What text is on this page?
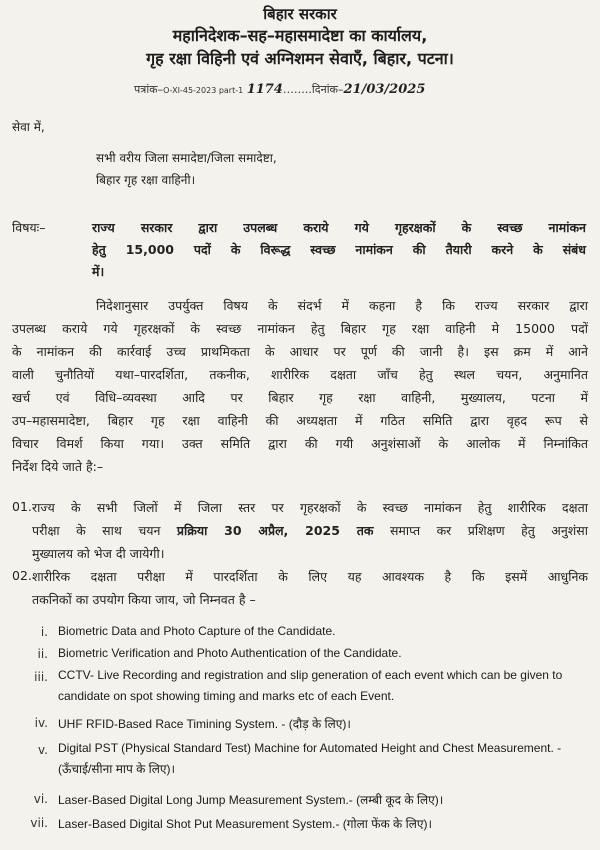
बिहार सरकार
महानिदेशक–सह–महासमादेष्टा का कार्यालय,
गृह रक्षा विहिनी एवं अग्निशमन सेवाएँ, बिहार, पटना।
पत्रांक–O-XI-45-2023 part-1 1174……..दिनांक–21/03/2025
सेवा में,
सभी वरीय जिला समादेष्टा/जिला समादेष्टा,
बिहार गृह रक्षा वाहिनी।
विषयः–	राज्य सरकार द्वारा उपलब्ध कराये गये गृहरक्षकों के स्वच्छ नामांकन
हेतु 15,000 पदों के विरूद्ध स्वच्छ नामांकन की तैयारी करने के संबंध
में।
निदेशानुसार उपर्युक्त विषय के संदर्भ में कहना है कि राज्य सरकार द्वारा
उपलब्ध कराये गये गृहरक्षकों के स्वच्छ नामांकन हेतु बिहार गृह रक्षा वाहिनी मे 15000 पदों
के नामांकन की कार्रवाई उच्च प्राथमिकता के आधार पर पूर्ण की जानी है। इस क्रम में आने
वाली चुनौतियों यथा–पारदर्शिता, तकनीक, शारीरिक दक्षता जाँच हेतु स्थल चयन, अनुमानित
खर्च एवं विधि–व्यवस्था आदि पर बिहार गृह रक्षा वाहिनी, मुख्यालय, पटना में
उप–महासमादेष्टा, बिहार गृह रक्षा वाहिनी की अध्यक्षता में गठित समिति द्वारा वृहद रूप से
विचार विमर्श किया गया। उक्त समिति द्वारा की गयी अनुशंसाओं के आलोक में निम्नांकित
निर्देश दिये जाते है:–
01. राज्य के सभी जिलों में जिला स्तर पर गृहरक्षकों के स्वच्छ नामांकन हेतु शारीरिक दक्षता
परीक्षा के साथ चयन प्रक्रिया 30 अप्रैल, 2025 तक समाप्त कर प्रशिक्षण हेतु अनुशंसा
मुख्यालय को भेज दी जायेगी।
02. शारीरिक दक्षता परीक्षा में पारदर्शिता के लिए यह आवश्यक है कि इसमें आधुनिक
तकनिकों का उपयोग किया जाय, जो निम्नवत है –
i. Biometric Data and Photo Capture of the Candidate.
ii. Biometric Verification and Photo Authentication of the Candidate.
iii. CCTV- Live Recording and registration and slip generation of each event which can be given to candidate on spot showing timing and marks etc of each Event.
iv. UHF RFID-Based Race Timining System. - (दौड़ के लिए)।
v. Digital PST (Physical Standard Test) Machine for Automated Height and Chest Measurement. - (ऊँचाई/सीना माप के लिए)।
vi. Laser-Based Digital Long Jump Measurement System.- (लम्बी कूद के लिए)।
vii. Laser-Based Digital Shot Put Measurement System.- (गोला फेंक के लिए)।
